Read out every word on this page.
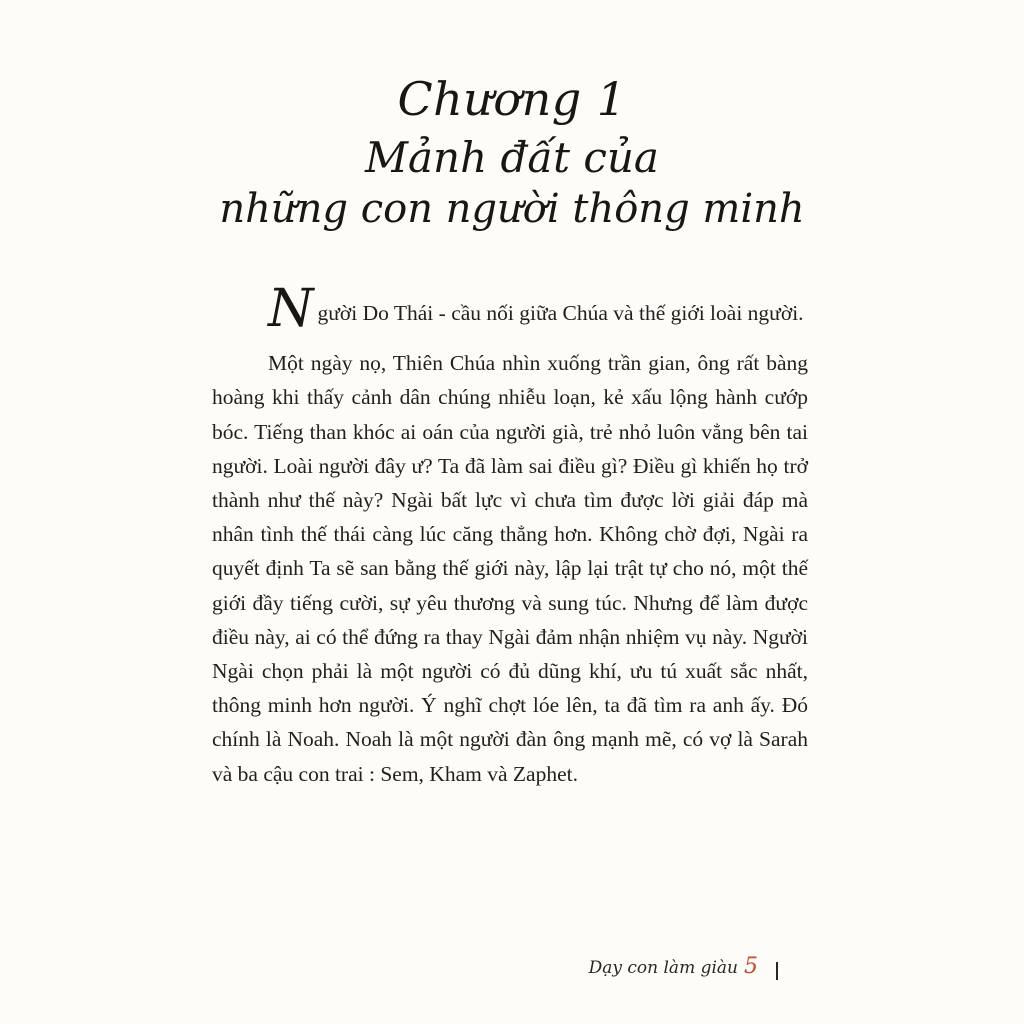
Chương 1
Mảnh đất của
những con người thông minh

Người Do Thái - cầu nối giữa Chúa và thế giới loài người.

Một ngày nọ, Thiên Chúa nhìn xuống trần gian, ông rất bàng hoàng khi thấy cảnh dân chúng nhiễu loạn, kẻ xấu lộng hành cướp bóc. Tiếng than khóc ai oán của người già, trẻ nhỏ luôn vẳng bên tai người. Loài người đây ư? Ta đã làm sai điều gì? Điều gì khiến họ trở thành như thế này? Ngài bất lực vì chưa tìm được lời giải đáp mà nhân tình thế thái càng lúc căng thẳng hơn. Không chờ đợi, Ngài ra quyết định Ta sẽ san bằng thế giới này, lập lại trật tự cho nó, một thế giới đầy tiếng cười, sự yêu thương và sung túc. Nhưng để làm được điều này, ai có thể đứng ra thay Ngài đảm nhận nhiệm vụ này. Người Ngài chọn phải là một người có đủ dũng khí, ưu tú xuất sắc nhất, thông minh hơn người. Ý nghĩ chợt lóe lên, ta đã tìm ra anh ấy. Đó chính là Noah. Noah là một người đàn ông mạnh mẽ, có vợ là Sarah và ba cậu con trai : Sem, Kham và Zaphet.

Dạy con làm giàu 5
